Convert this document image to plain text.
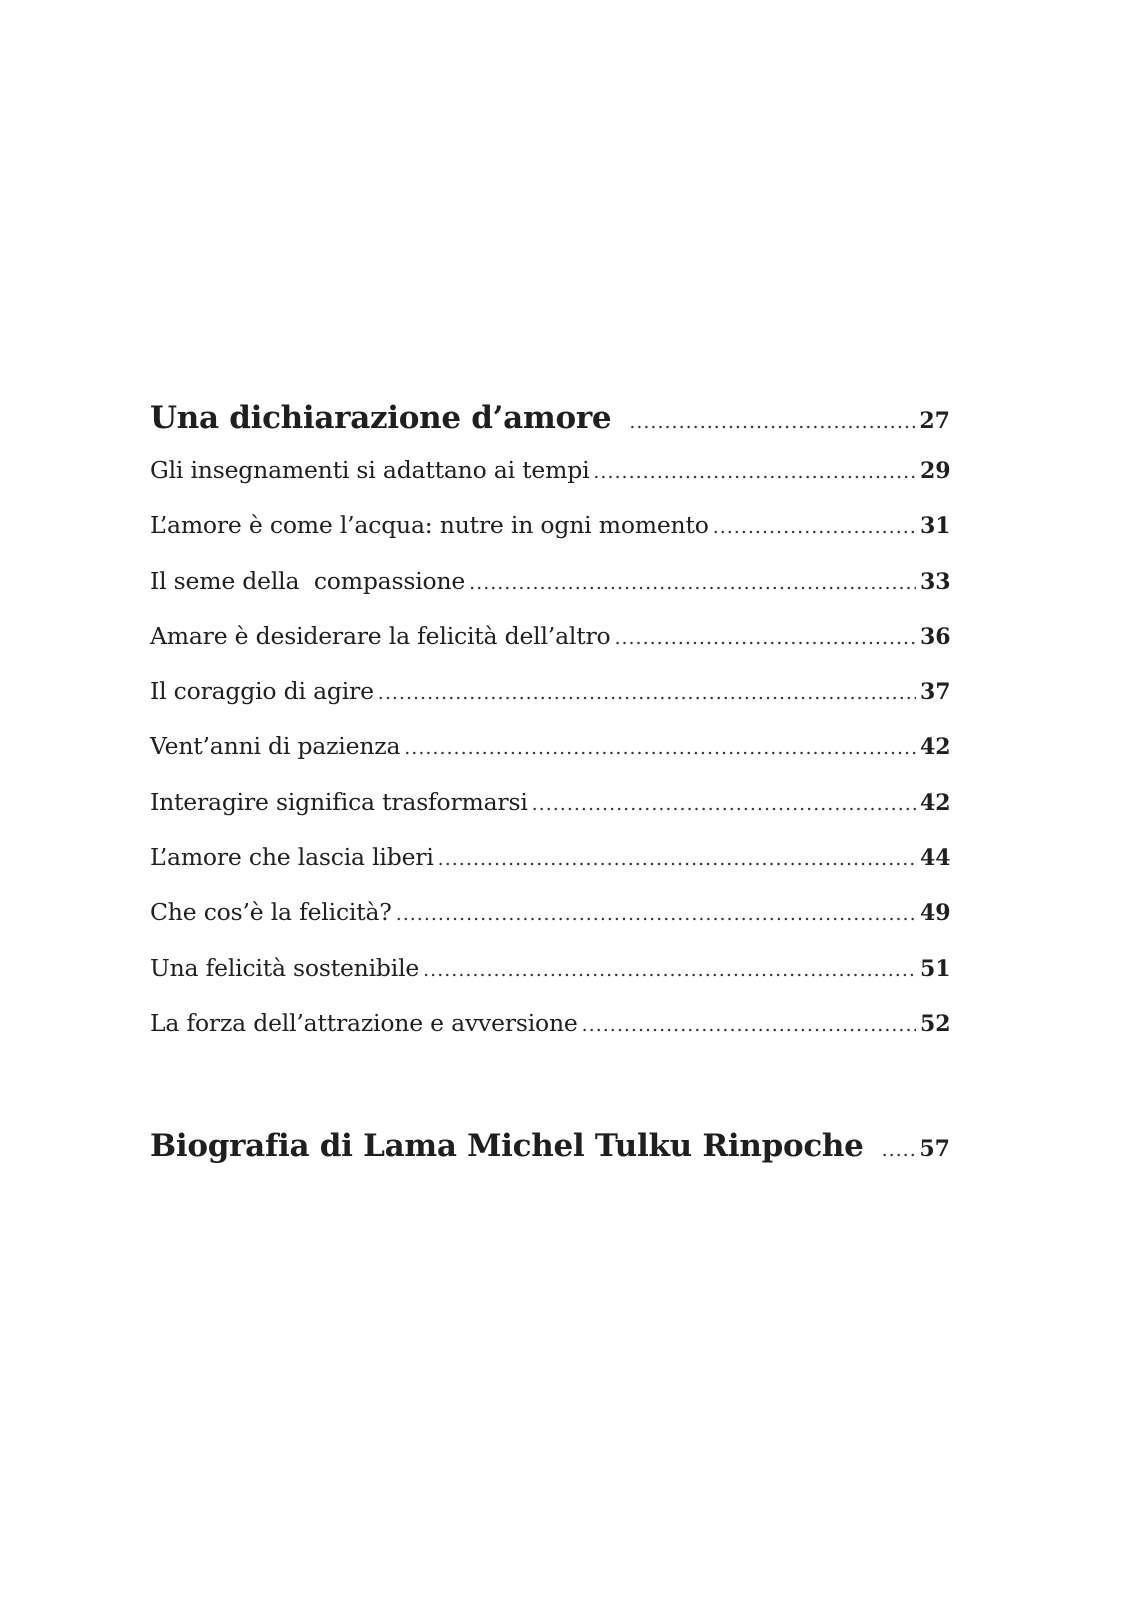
Una dichiarazione d’amore .....	27
Gli insegnamenti si adattano ai tempi .....	29
L’amore è come l’acqua: nutre in ogni momento .....	31
Il seme della  compassione .....	33
Amare è desiderare la felicità dell’altro .....	36
Il coraggio di agire .....	37
Vent’anni di pazienza .....	42
Interagire significa trasformarsi .....	42
L’amore che lascia liberi .....	44
Che cos’è la felicità? .....	49
Una felicità sostenibile .....	51
La forza dell’attrazione e avversione .....	52
Biografia di Lama Michel Tulku Rinpoche .....	57
